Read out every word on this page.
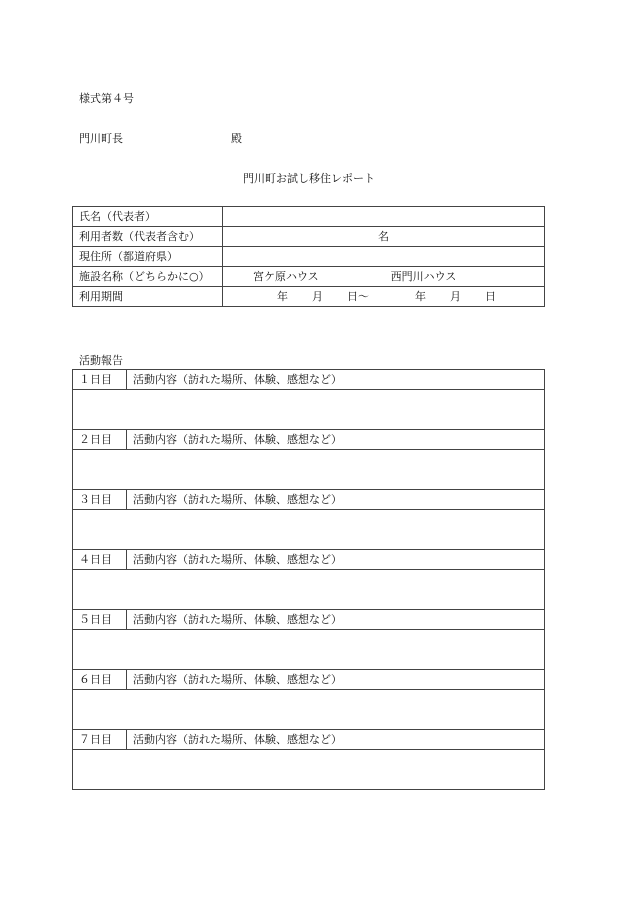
様式第４号
門川町長	殿
門川町お試し移住レポート
氏名（代表者）	
利用者数（代表者含む）	名
現住所（都道府県）	
施設名称（どちらかに○）	宮ケ原ハウス 西門川ハウス
利用期間	年 月 日〜 年 月 日
活動報告
１日目	活動内容（訪れた場所、体験、感想など）

２日目	活動内容（訪れた場所、体験、感想など）

３日目	活動内容（訪れた場所、体験、感想など）

４日目	活動内容（訪れた場所、体験、感想など）

５日目	活動内容（訪れた場所、体験、感想など）

６日目	活動内容（訪れた場所、体験、感想など）

７日目	活動内容（訪れた場所、体験、感想など）
